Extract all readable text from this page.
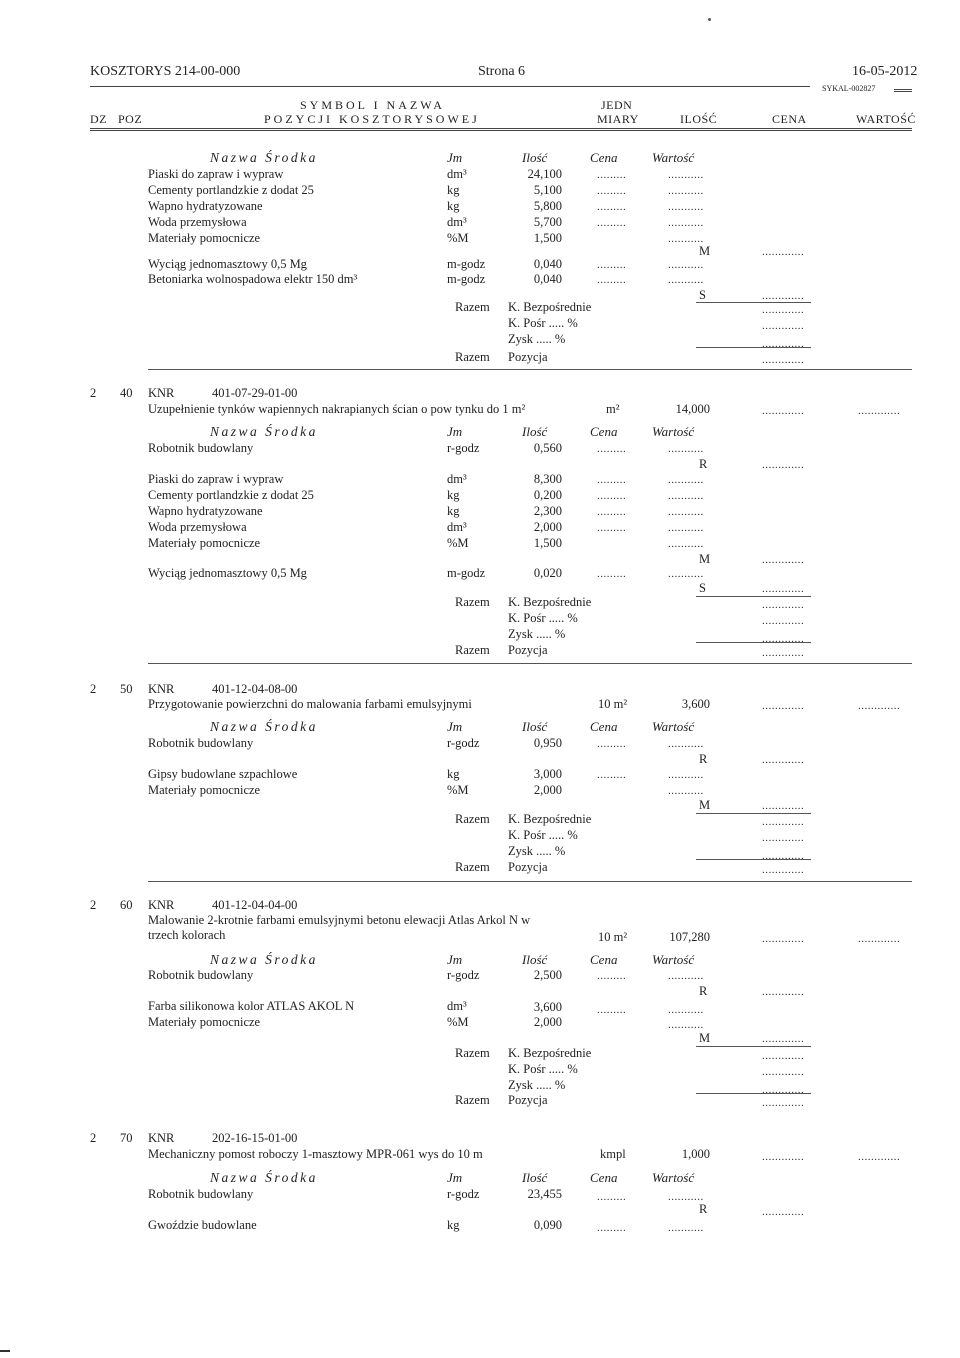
KOSZTORYS 214-00-000	Strona 6	16-05-2012
SYKAL-002827
SYMBOL I NAZWA	JEDN
DZ POZ	POZYCJI KOSZTORYSOWEJ	MIARY	ILOŚĆ	CENA	WARTOŚĆ
Nazwa Środka	Jm	Ilość	Cena	Wartość
Piaski do zapraw i wypraw	dm³	24,100	.........	...........
Cementy portlandzkie z dodat 25	kg	5,100	.........	...........
Wapno hydratyzowane	kg	5,800	.........	...........
Woda przemysłowa	dm³	5,700	.........	...........
Materiały pomocnicze	%M	1,500	...........
M	.............
Wyciąg jednomasztowy 0,5 Mg	m-godz	0,040	.........	...........
Betoniarka wolnospadowa elektr 150 dm³	m-godz	0,040	.........	...........
S	.............
Razem K. Bezpośrednie	.............
K. Pośr ..... %	.............
Zysk ..... %	.............
Razem Pozycja	.............
2 40 KNR	401-07-29-01-00
Uzupełnienie tynków wapiennych nakrapianych ścian o pow tynku do 1 m²	m²	14,000	.............	.............
Nazwa Środka	Jm	Ilość	Cena	Wartość
Robotnik budowlany	r-godz	0,560	.........	...........
R	.............
Piaski do zapraw i wypraw	dm³	8,300	.........	...........
Cementy portlandzkie z dodat 25	kg	0,200	.........	...........
Wapno hydratyzowane	kg	2,300	.........	...........
Woda przemysłowa	dm³	2,000	.........	...........
Materiały pomocnicze	%M	1,500	...........
M	.............
Wyciąg jednomasztowy 0,5 Mg	m-godz	0,020	.........	...........
S	.............
Razem K. Bezpośrednie	.............
K. Pośr ..... %	.............
Zysk ..... %	.............
Razem Pozycja	.............
2 50 KNR	401-12-04-08-00
Przygotowanie powierzchni do malowania farbami emulsyjnymi	10 m²	3,600	.............	.............
Nazwa Środka	Jm	Ilość	Cena	Wartość
Robotnik budowlany	r-godz	0,950	.........	...........
R	.............
Gipsy budowlane szpachlowe	kg	3,000	.........	...........
Materiały pomocnicze	%M	2,000	...........
M	.............
Razem K. Bezpośrednie	.............
K. Pośr ..... %	.............
Zysk ..... %	.............
Razem Pozycja	.............
2 60 KNR	401-12-04-04-00
Malowanie 2-krotnie farbami emulsyjnymi betonu elewacji Atlas Arkol N w
trzech kolorach	10 m²	107,280	.............	.............
Nazwa Środka	Jm	Ilość	Cena	Wartość
Robotnik budowlany	r-godz	2,500	.........	...........
R	.............
Farba silikonowa kolor ATLAS AKOL N	dm³	3,600	.........	...........
Materiały pomocnicze	%M	2,000	...........
M	.............
Razem K. Bezpośrednie	.............
K. Pośr ..... %	.............
Zysk ..... %	.............
Razem Pozycja	.............
2 70 KNR	202-16-15-01-00
Mechaniczny pomost roboczy 1-masztowy MPR-061 wys do 10 m	kmpl	1,000	.............	.............
Nazwa Środka	Jm	Ilość	Cena	Wartość
Robotnik budowlany	r-godz	23,455	.........	...........
R	.............
Gwoździe budowlane	kg	0,090	.........	...........
